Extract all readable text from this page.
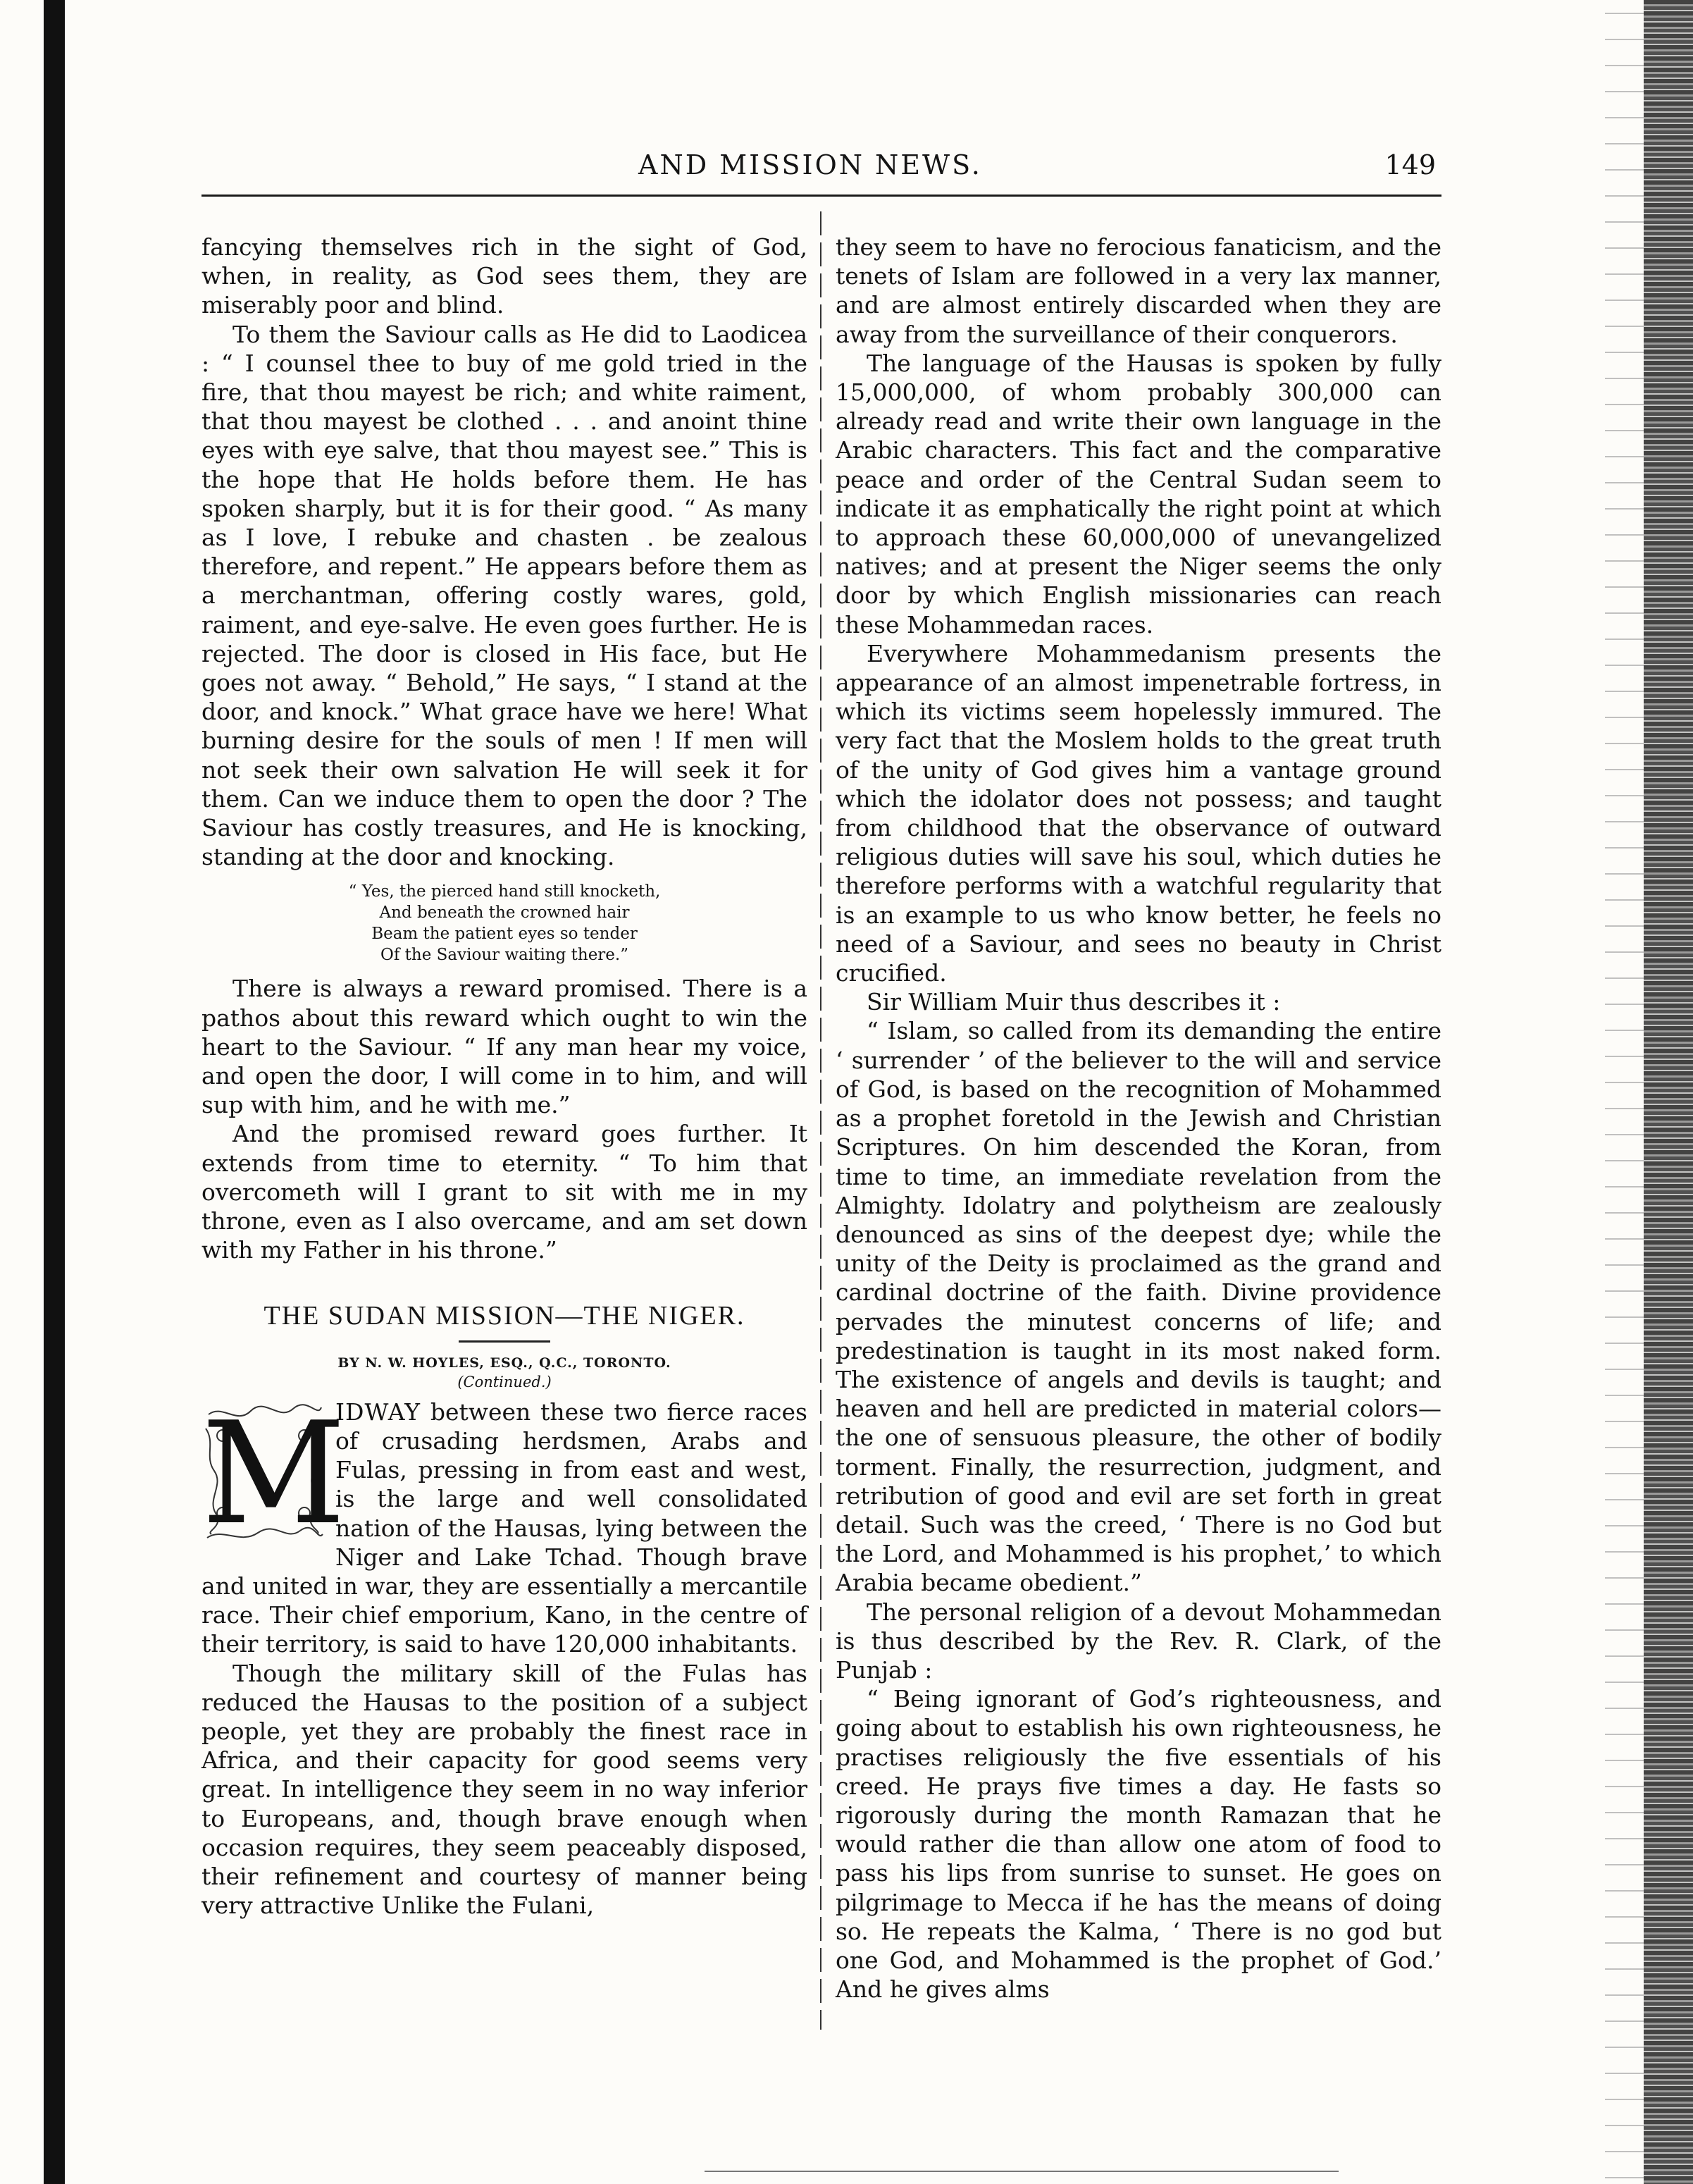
AND MISSION NEWS.	149

fancying themselves rich in the sight of God, when, in reality, as God sees them, they are miserably poor and blind.

To them the Saviour calls as He did to Laodicea : “ I counsel thee to buy of me gold tried in the fire, that thou mayest be rich; and white raiment, that thou mayest be clothed . . . and anoint thine eyes with eye salve, that thou mayest see.” This is the hope that He holds before them. He has spoken sharply, but it is for their good. “ As many as I love, I rebuke and chasten . be zealous therefore, and repent.” He appears before them as a merchantman, offering costly wares, gold, raiment, and eye-salve. He even goes further. He is rejected. The door is closed in His face, but He goes not away. “ Behold,” He says, “ I stand at the door, and knock.” What grace have we here! What burning desire for the souls of men ! If men will not seek their own salvation He will seek it for them. Can we induce them to open the door ? The Saviour has costly treasures, and He is knocking, standing at the door and knocking.

“ Yes, the pierced hand still knocketh,
And beneath the crowned hair
Beam the patient eyes so tender
Of the Saviour waiting there.”

There is always a reward promised. There is a pathos about this reward which ought to win the heart to the Saviour. “ If any man hear my voice, and open the door, I will come in to him, and will sup with him, and he with me.”

And the promised reward goes further. It extends from time to eternity. “ To him that overcometh will I grant to sit with me in my throne, even as I also overcame, and am set down with my Father in his throne.”

THE SUDAN MISSION—THE NIGER.
BY N. W. HOYLES, ESQ., Q.C., TORONTO.
(Continued.)

M
IDWAY between these two fierce races of crusading herdsmen, Arabs and Fulas, pressing in from east and west, is the large and well consolidated nation of the Hausas, lying between the Niger and Lake Tchad. Though brave and united in war, they are essentially a mercantile race. Their chief emporium, Kano, in the centre of their territory, is said to have 120,000 inhabitants.

Though the military skill of the Fulas has reduced the Hausas to the position of a subject people, yet they are probably the finest race in Africa, and their capacity for good seems very great. In intelligence they seem in no way inferior to Europeans, and, though brave enough when occasion requires, they seem peaceably disposed, their refinement and courtesy of manner being very attractive Unlike the Fulani,

they seem to have no ferocious fanaticism, and the tenets of Islam are followed in a very lax manner, and are almost entirely discarded when they are away from the surveillance of their conquerors.

The language of the Hausas is spoken by fully 15,000,000, of whom probably 300,000 can already read and write their own language in the Arabic characters. This fact and the comparative peace and order of the Central Sudan seem to indicate it as emphatically the right point at which to approach these 60,000,000 of unevangelized natives; and at present the Niger seems the only door by which English missionaries can reach these Mohammedan races.

Everywhere Mohammedanism presents the appearance of an almost impenetrable fortress, in which its victims seem hopelessly immured. The very fact that the Moslem holds to the great truth of the unity of God gives him a vantage ground which the idolator does not possess; and taught from childhood that the observance of outward religious duties will save his soul, which duties he therefore performs with a watchful regularity that is an example to us who know better, he feels no need of a Saviour, and sees no beauty in Christ crucified.

Sir William Muir thus describes it :

“ Islam, so called from its demanding the entire ‘ surrender ’ of the believer to the will and service of God, is based on the recognition of Mohammed as a prophet foretold in the Jewish and Christian Scriptures. On him descended the Koran, from time to time, an immediate revelation from the Almighty. Idolatry and polytheism are zealously denounced as sins of the deepest dye; while the unity of the Deity is proclaimed as the grand and cardinal doctrine of the faith. Divine providence pervades the minutest concerns of life; and predestination is taught in its most naked form. The existence of angels and devils is taught; and heaven and hell are predicted in material colors—the one of sensuous pleasure, the other of bodily torment. Finally, the resurrection, judgment, and retribution of good and evil are set forth in great detail. Such was the creed, ‘ There is no God but the Lord, and Mohammed is his prophet,’ to which Arabia became obedient.”

The personal religion of a devout Mohammedan is thus described by the Rev. R. Clark, of the Punjab :

“ Being ignorant of God’s righteousness, and going about to establish his own righteousness, he practises religiously the five essentials of his creed. He prays five times a day. He fasts so rigorously during the month Ramazan that he would rather die than allow one atom of food to pass his lips from sunrise to sunset. He goes on pilgrimage to Mecca if he has the means of doing so. He repeats the Kalma, ‘ There is no god but one God, and Mohammed is the prophet of God.’ And he gives alms
